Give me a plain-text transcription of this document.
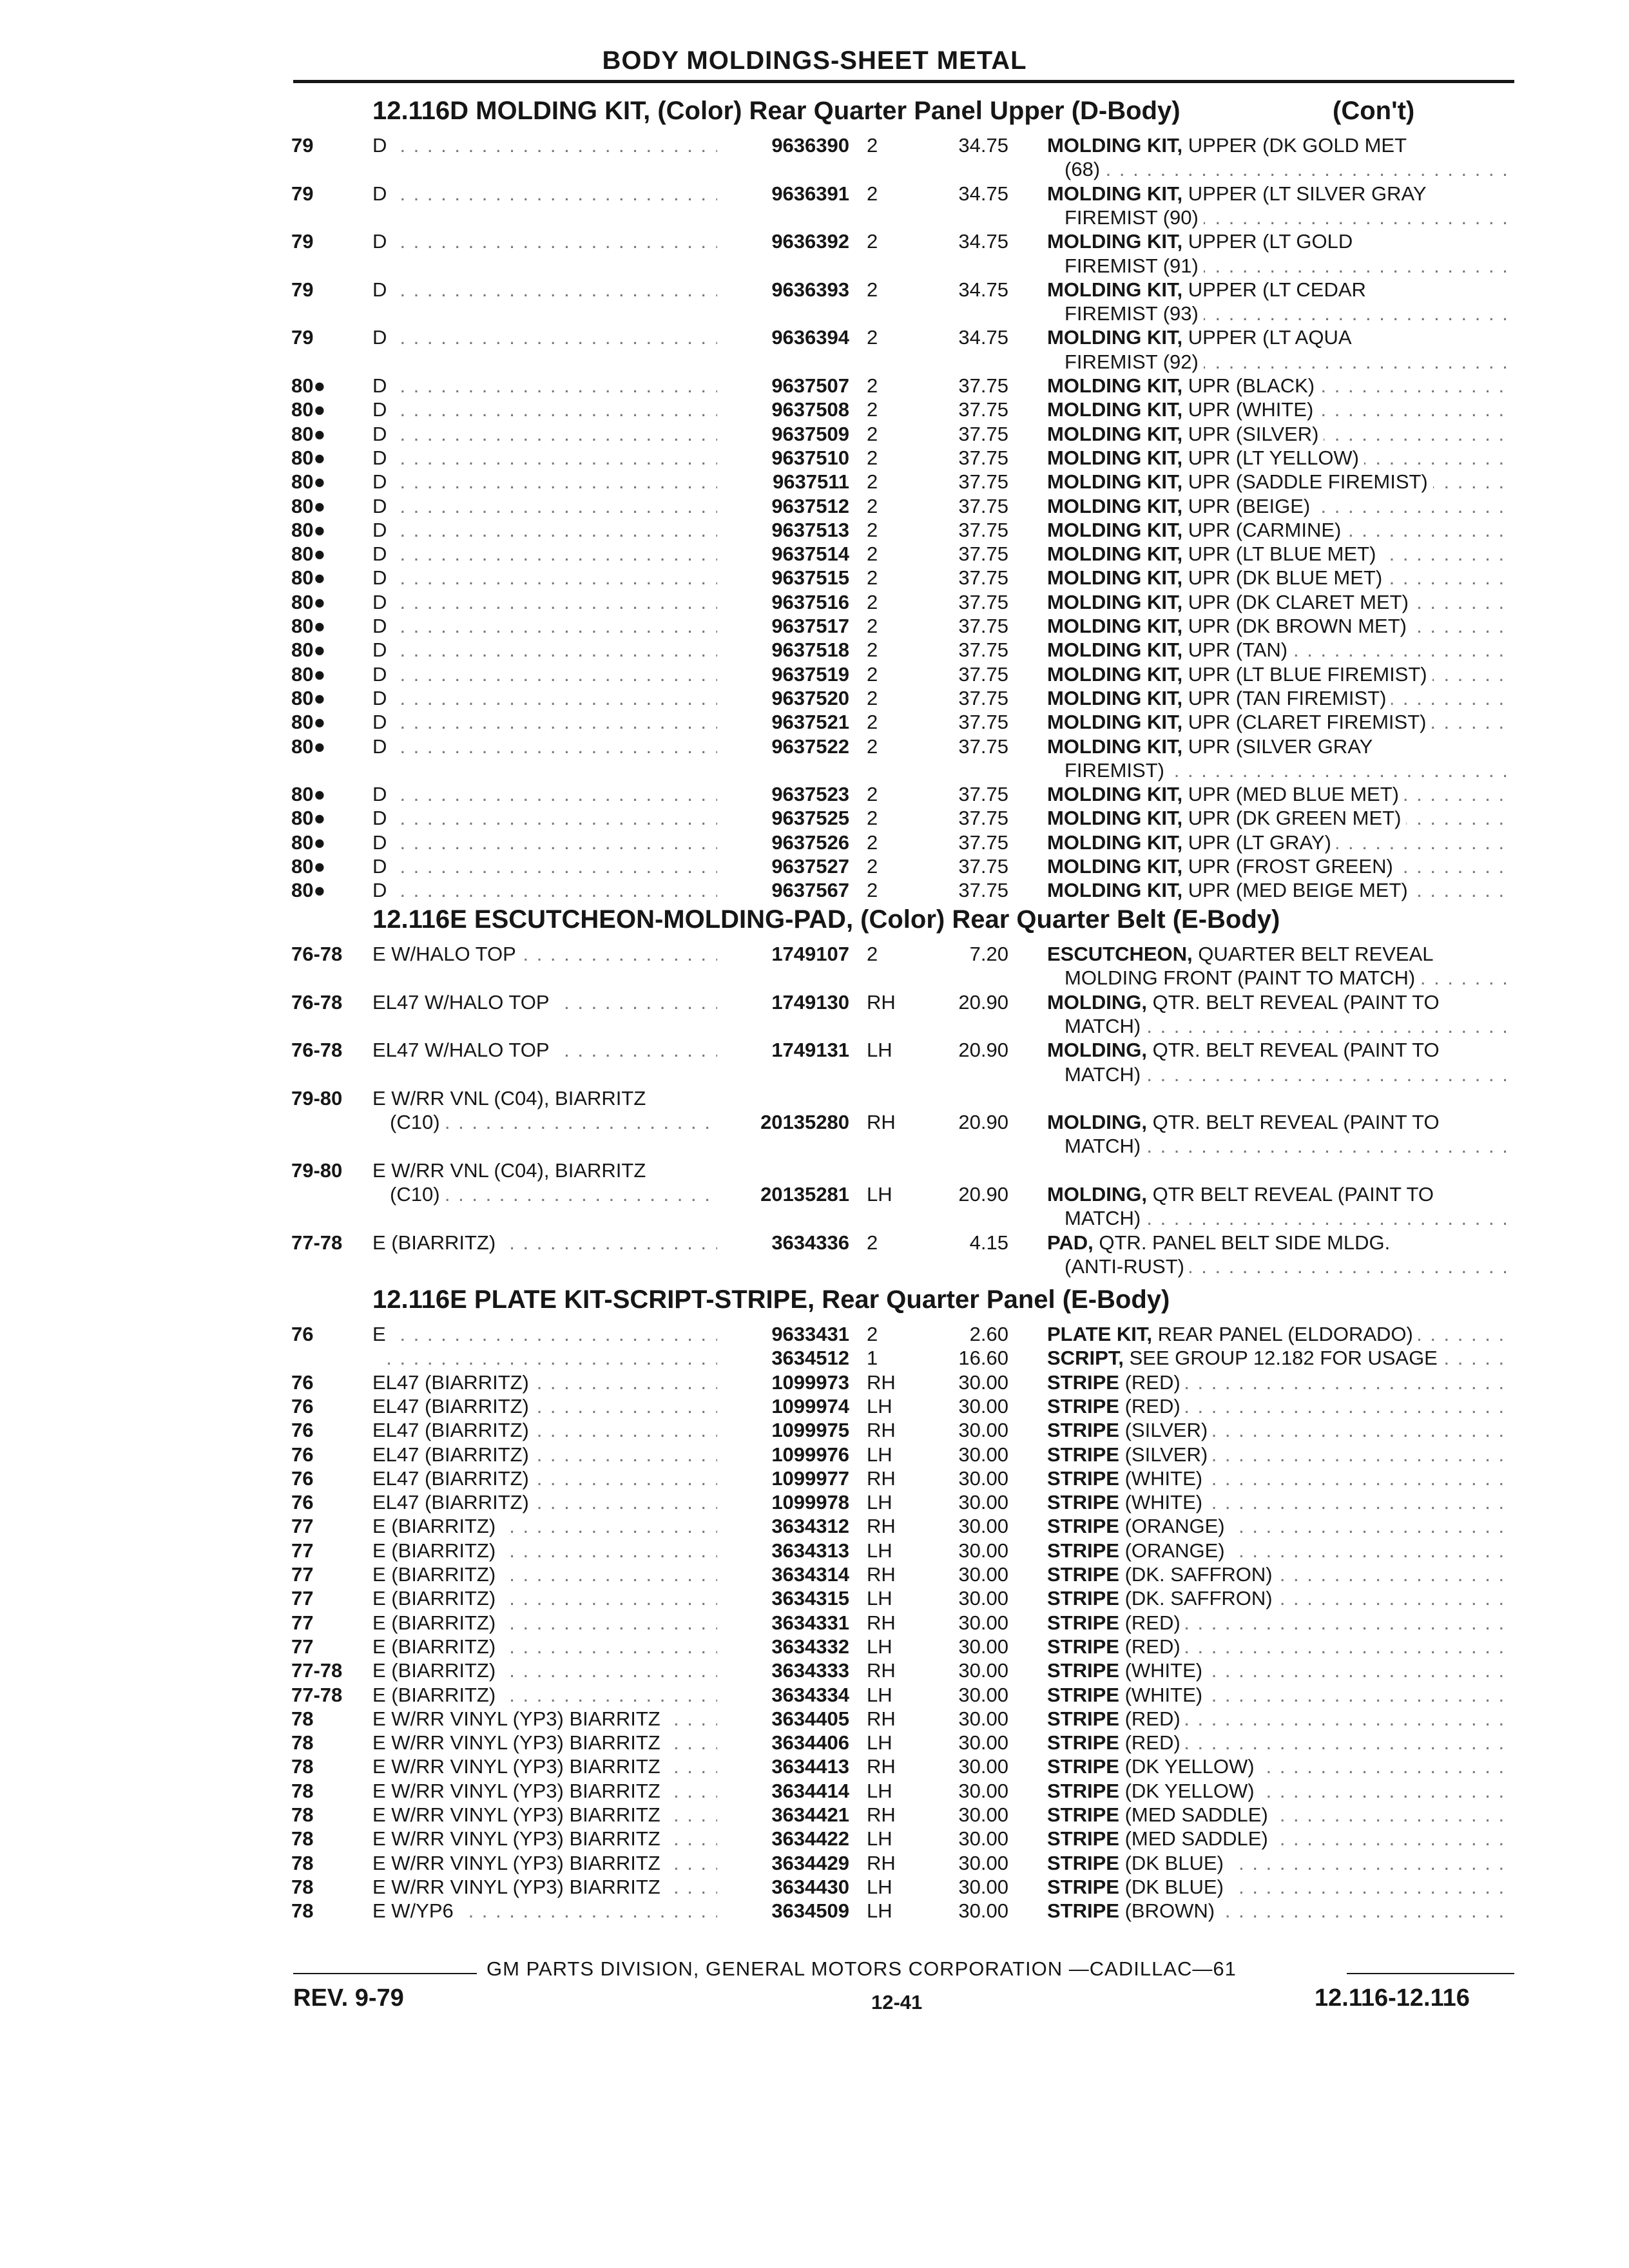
BODY MOLDINGS-SHEET METAL
12.116D MOLDING KIT, (Color) Rear Quarter Panel Upper (D-Body)	(Con't)
79	D . . .	9636390 2	34.75 MOLDING KIT, UPPER (DK GOLD MET
(68) . . .
79	D . . .	9636391 2	34.75 MOLDING KIT, UPPER (LT SILVER GRAY
FIREMIST (90) . . .
79	D . . .	9636392 2	34.75 MOLDING KIT, UPPER (LT GOLD
FIREMIST (91) . . .
79	D . . .	9636393 2	34.75 MOLDING KIT, UPPER (LT CEDAR
FIREMIST (93) . . .
79	D . . .	9636394 2	34.75 MOLDING KIT, UPPER (LT AQUA
FIREMIST (92) . . .
80● D . . .	9637507 2	37.75 MOLDING KIT, UPR (BLACK) . . .
80● D . . .	9637508 2	37.75 MOLDING KIT, UPR (WHITE) . . .
80● D . . .	9637509 2	37.75 MOLDING KIT, UPR (SILVER) . . .
80● D . . .	9637510 2	37.75 MOLDING KIT, UPR (LT YELLOW) . . .
80● D . . .	9637511 2	37.75 MOLDING KIT, UPR (SADDLE FIREMIST) . . .
80● D . . .	9637512 2	37.75 MOLDING KIT, UPR (BEIGE) . . .
80● D . . .	9637513 2	37.75 MOLDING KIT, UPR (CARMINE) . . .
80● D . . .	9637514 2	37.75 MOLDING KIT, UPR (LT BLUE MET) . . .
80● D . . .	9637515 2	37.75 MOLDING KIT, UPR (DK BLUE MET) . . .
80● D . . .	9637516 2	37.75 MOLDING KIT, UPR (DK CLARET MET) . . .
80● D . . .	9637517 2	37.75 MOLDING KIT, UPR (DK BROWN MET) . . .
80● D . . .	9637518 2	37.75 MOLDING KIT, UPR (TAN) . . .
80● D . . .	9637519 2	37.75 MOLDING KIT, UPR (LT BLUE FIREMIST) . . .
80● D . . .	9637520 2	37.75 MOLDING KIT, UPR (TAN FIREMIST) . . .
80● D . . .	9637521 2	37.75 MOLDING KIT, UPR (CLARET FIREMIST) . . .
80● D . . .	9637522 2	37.75 MOLDING KIT, UPR (SILVER GRAY
FIREMIST) . . .
80● D . . .	9637523 2	37.75 MOLDING KIT, UPR (MED BLUE MET) . . .
80● D . . .	9637525 2	37.75 MOLDING KIT, UPR (DK GREEN MET) . . .
80● D . . .	9637526 2	37.75 MOLDING KIT, UPR (LT GRAY) . . .
80● D . . .	9637527 2	37.75 MOLDING KIT, UPR (FROST GREEN) . . .
80● D . . .	9637567 2	37.75 MOLDING KIT, UPR (MED BEIGE MET) . . .
12.116E ESCUTCHEON-MOLDING-PAD, (Color) Rear Quarter Belt (E-Body)
76-78 E W/HALO TOP . . .	1749107 2	7.20 ESCUTCHEON, QUARTER BELT REVEAL
MOLDING FRONT (PAINT TO MATCH) . . .
76-78 EL47 W/HALO TOP . . .	1749130 RH	20.90 MOLDING, QTR. BELT REVEAL (PAINT TO
MATCH) . . .
76-78 EL47 W/HALO TOP . . .	1749131 LH	20.90 MOLDING, QTR. BELT REVEAL (PAINT TO
MATCH) . . .
79-80 E W/RR VNL (C04), BIARRITZ
(C10) . . .	20135280 RH	20.90 MOLDING, QTR. BELT REVEAL (PAINT TO
MATCH) . . .
79-80 E W/RR VNL (C04), BIARRITZ
(C10) . . .	20135281 LH	20.90 MOLDING, QTR BELT REVEAL (PAINT TO
MATCH) . . .
77-78 E (BIARRITZ) . . .	3634336 2	4.15 PAD, QTR. PANEL BELT SIDE MLDG.
(ANTI-RUST) . . .
12.116E PLATE KIT-SCRIPT-STRIPE, Rear Quarter Panel (E-Body)
76	E . . .	9633431 2	2.60 PLATE KIT, REAR PANEL (ELDORADO) . . .
. . .
3634512 1	16.60 SCRIPT, SEE GROUP 12.182 FOR USAGE . . .
76	EL47 (BIARRITZ) . . .	1099973 RH	30.00 STRIPE (RED) . . .
76	EL47 (BIARRITZ) . . .	1099974 LH	30.00 STRIPE (RED) . . .
76	EL47 (BIARRITZ) . . .	1099975 RH	30.00 STRIPE (SILVER) . . .
76	EL47 (BIARRITZ) . . .	1099976 LH	30.00 STRIPE (SILVER) . . .
76	EL47 (BIARRITZ) . . .	1099977 RH	30.00 STRIPE (WHITE) . . .
76	EL47 (BIARRITZ) . . .	1099978 LH	30.00 STRIPE (WHITE) . . .
77	E (BIARRITZ) . . .	3634312 RH	30.00 STRIPE (ORANGE) . . .
77	E (BIARRITZ) . . .	3634313 LH	30.00 STRIPE (ORANGE) . . .
77	E (BIARRITZ) . . .	3634314 RH	30.00 STRIPE (DK. SAFFRON) . . .
77	E (BIARRITZ) . . .	3634315 LH	30.00 STRIPE (DK. SAFFRON) . . .
77	E (BIARRITZ) . . .	3634331 RH	30.00 STRIPE (RED) . . .
77	E (BIARRITZ) . . .	3634332 LH	30.00 STRIPE (RED) . . .
77-78 E (BIARRITZ) . . .	3634333 RH	30.00 STRIPE (WHITE) . . .
77-78 E (BIARRITZ) . . .	3634334 LH	30.00 STRIPE (WHITE) . . .
78	E W/RR VINYL (YP3) BIARRITZ . . .	3634405 RH	30.00 STRIPE (RED) . . .
78	E W/RR VINYL (YP3) BIARRITZ . . .	3634406 LH	30.00 STRIPE (RED) . . .
78	E W/RR VINYL (YP3) BIARRITZ . . .	3634413 RH	30.00 STRIPE (DK YELLOW) . . .
78	E W/RR VINYL (YP3) BIARRITZ . . .	3634414 LH	30.00 STRIPE (DK YELLOW) . . .
78	E W/RR VINYL (YP3) BIARRITZ . . .	3634421 RH	30.00 STRIPE (MED SADDLE) . . .
78	E W/RR VINYL (YP3) BIARRITZ . . .	3634422 LH	30.00 STRIPE (MED SADDLE) . . .
78	E W/RR VINYL (YP3) BIARRITZ . . .	3634429 RH	30.00 STRIPE (DK BLUE) . . .
78	E W/RR VINYL (YP3) BIARRITZ . . .	3634430 LH	30.00 STRIPE (DK BLUE) . . .
78	E W/YP6 . . .	3634509 LH	30.00 STRIPE (BROWN) . . .
GM PARTS DIVISION, GENERAL MOTORS CORPORATION —CADILLAC—61
REV. 9-79	12-41	12.116-12.116
